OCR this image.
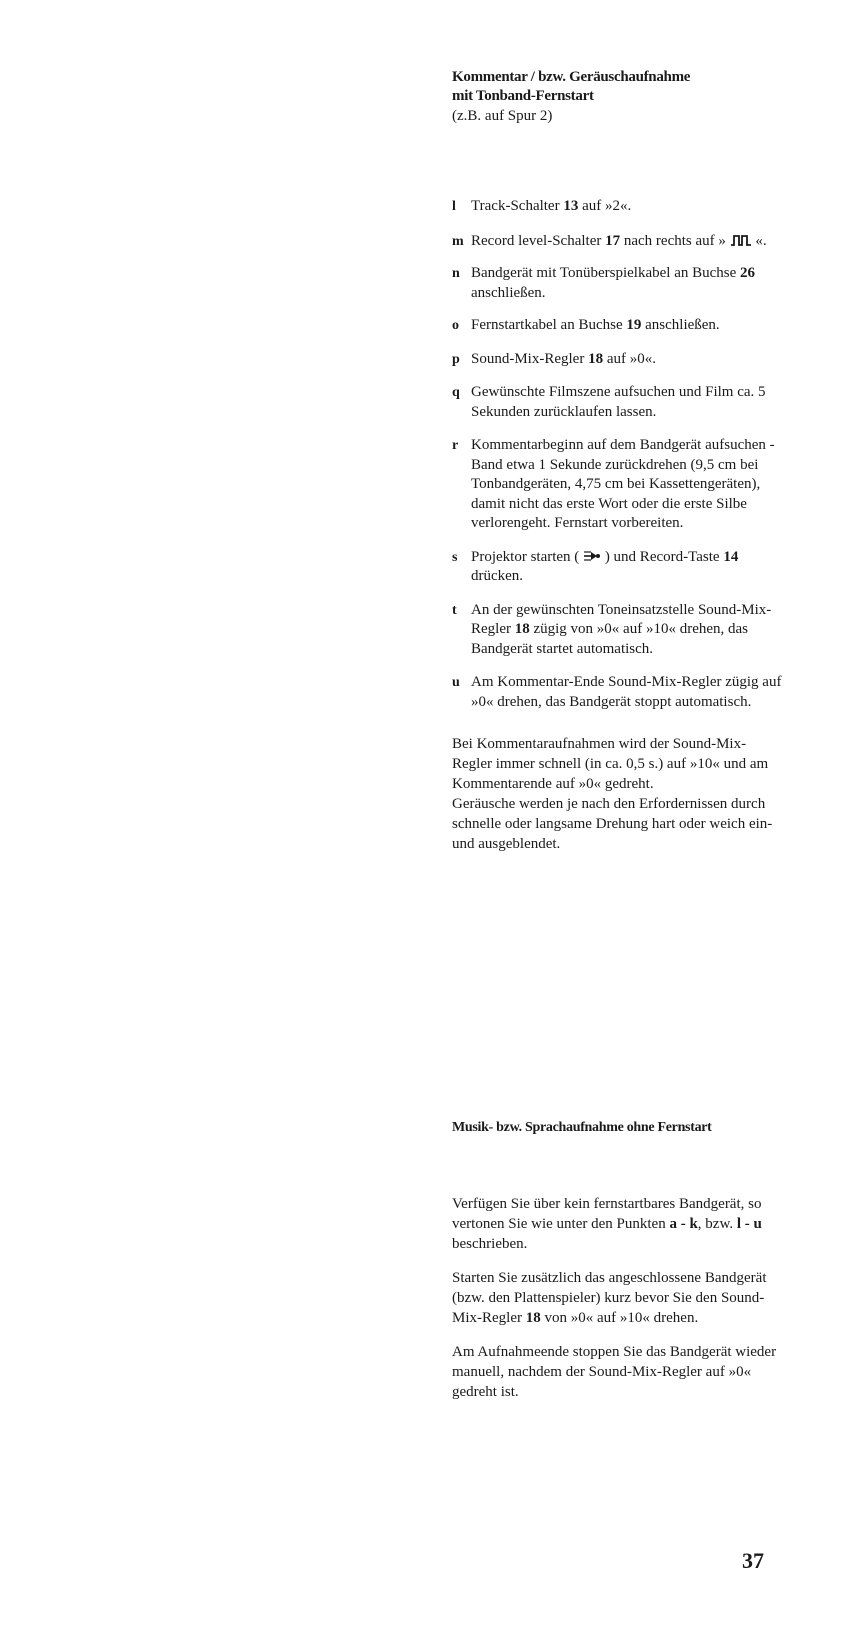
Kommentar / bzw. Geräuschaufnahme
mit Tonband-Fernstart
(z.B. auf Spur 2)
l	Track-Schalter 13 auf »2«.
m Record level-Schalter 17 nach rechts auf »  «.
n Bandgerät mit Tonüberspielkabel an Buchse 26 anschließen.
o Fernstartkabel an Buchse 19 anschließen.
p Sound-Mix-Regler 18 auf »0«.
q Gewünschte Filmszene aufsuchen und Film ca. 5 Sekunden zurücklaufen lassen.
r Kommentarbeginn auf dem Bandgerät aufsuchen - Band etwa 1 Sekunde zurückdrehen (9,5 cm bei Tonbandgeräten, 4,75 cm bei Kassettengeräten), damit nicht das erste Wort oder die erste Silbe verlorengeht. Fernstart vorbereiten.
s Projektor starten (  ) und Record-Taste 14 drücken.
t An der gewünschten Toneinsatzstelle Sound-Mix-Regler 18 zügig von »0« auf »10« drehen, das Bandgerät startet automatisch.
u Am Kommentar-Ende Sound-Mix-Regler zügig auf »0« drehen, das Bandgerät stoppt automatisch.
Bei Kommentaraufnahmen wird der Sound-Mix-Regler immer schnell (in ca. 0,5 s.) auf »10« und am Kommentarende auf »0« gedreht.
Geräusche werden je nach den Erfordernissen durch schnelle oder langsame Drehung hart oder weich ein- und ausgeblendet.
Musik- bzw. Sprachaufnahme ohne Fernstart
Verfügen Sie über kein fernstartbares Bandgerät, so vertonen Sie wie unter den Punkten a - k, bzw. l - u beschrieben.
Starten Sie zusätzlich das angeschlossene Bandgerät (bzw. den Plattenspieler) kurz bevor Sie den Sound-Mix-Regler 18 von »0« auf »10« drehen.
Am Aufnahmeende stoppen Sie das Bandgerät wieder manuell, nachdem der Sound-Mix-Regler auf »0« gedreht ist.
37
